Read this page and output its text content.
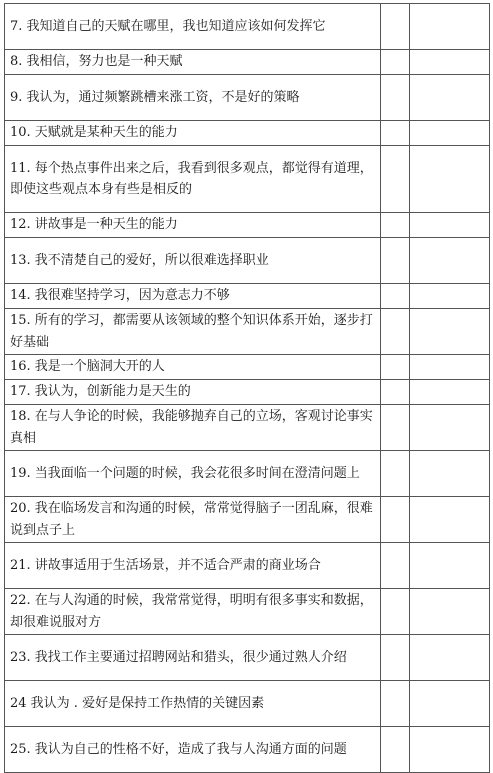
7. 我知道自己的天赋在哪里，我也知道应该如何发挥它		
8. 我相信，努力也是一种天赋		
9. 我认为，通过频繁跳槽来涨工资，不是好的策略		
10. 天赋就是某种天生的能力		
11. 每个热点事件出来之后，我看到很多观点，都觉得有道理，即使这些观点本身有些是相反的		
12. 讲故事是一种天生的能力		
13. 我不清楚自己的爱好，所以很难选择职业		
14. 我很难坚持学习，因为意志力不够		
15. 所有的学习，都需要从该领域的整个知识体系开始，逐步打好基础		
16. 我是一个脑洞大开的人		
17. 我认为，创新能力是天生的		
18. 在与人争论的时候，我能够抛弃自己的立场，客观讨论事实真相		
19. 当我面临一个问题的时候，我会花很多时间在澄清问题上		
20. 我在临场发言和沟通的时候，常常觉得脑子一团乱麻，很难说到点子上		
21. 讲故事适用于生活场景，并不适合严肃的商业场合		
22. 在与人沟通的时候，我常常觉得，明明有很多事实和数据，却很难说服对方		
23. 我找工作主要通过招聘网站和猎头，很少通过熟人介绍		
24 我认为 . 爱好是保持工作热情的关键因素		
25. 我认为自己的性格不好，造成了我与人沟通方面的问题		
